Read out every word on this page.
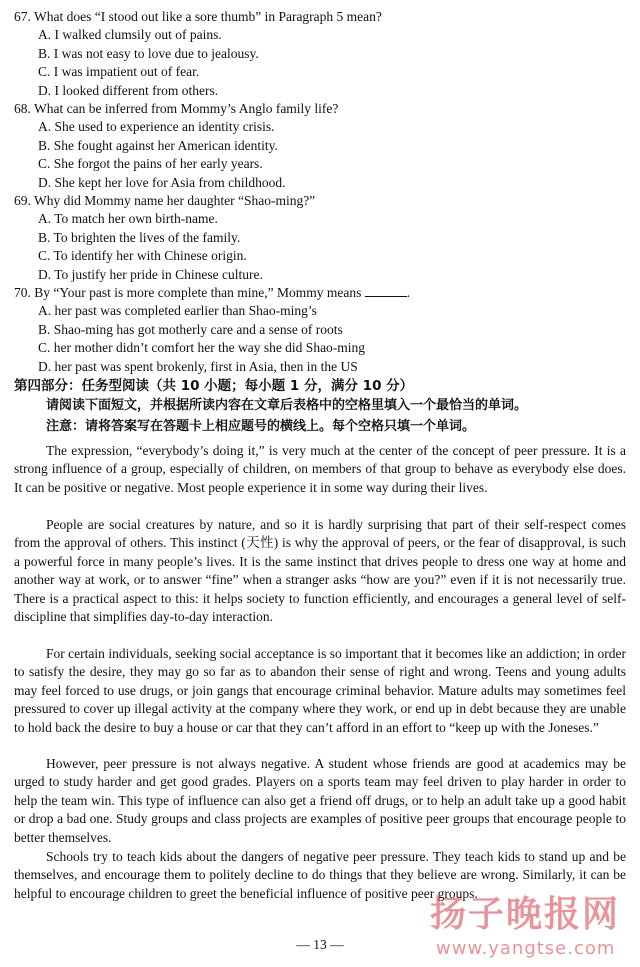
67. What does “I stood out like a sore thumb” in Paragraph 5 mean?
A. I walked clumsily out of pains.
B. I was not easy to love due to jealousy.
C. I was impatient out of fear.
D. I looked different from others.
68. What can be inferred from Mommy’s Anglo family life?
A. She used to experience an identity crisis.
B. She fought against her American identity.
C. She forgot the pains of her early years.
D. She kept her love for Asia from childhood.
69. Why did Mommy name her daughter “Shao-ming?”
A. To match her own birth-name.
B. To brighten the lives of the family.
C. To identify her with Chinese origin.
D. To justify her pride in Chinese culture.
70. By “Your past is more complete than mine,” Mommy means	.
A. her past was completed earlier than Shao-ming’s
B. Shao-ming has got motherly care and a sense of roots
C. her mother didn’t comfort her the way she did Shao-ming
D. her past was spent brokenly, first in Asia, then in the US
第四部分：任务型阅读（共 10 小题；每小题 1 分，满分 10 分）
请阅读下面短文，并根据所读内容在文章后表格中的空格里填入一个最恰当的单词。
注意：请将答案写在答题卡上相应题号的横线上。每个空格只填一个单词。

The expression, “everybody’s doing it,” is very much at the center of the concept of peer pressure. It is a strong influence of a group, especially of children, on members of that group to behave as everybody else does. It can be positive or negative. Most people experience it in some way during their lives.

People are social creatures by nature, and so it is hardly surprising that part of their self-respect comes from the approval of others. This instinct (天性) is why the approval of peers, or the fear of disapproval, is such a powerful force in many people’s lives. It is the same instinct that drives people to dress one way at home and another way at work, or to answer “fine” when a stranger asks “how are you?” even if it is not necessarily true. There is a practical aspect to this: it helps society to function efficiently, and encourages a general level of self-discipline that simplifies day-to-day interaction.

For certain individuals, seeking social acceptance is so important that it becomes like an addiction; in order to satisfy the desire, they may go so far as to abandon their sense of right and wrong. Teens and young adults may feel forced to use drugs, or join gangs that encourage criminal behavior. Mature adults may sometimes feel pressured to cover up illegal activity at the company where they work, or end up in debt because they are unable to hold back the desire to buy a house or car that they can’t afford in an effort to “keep up with the Joneses.”

However, peer pressure is not always negative. A student whose friends are good at academics may be urged to study harder and get good grades. Players on a sports team may feel driven to play harder in order to help the team win. This type of influence can also get a friend off drugs, or to help an adult take up a good habit or drop a bad one. Study groups and class projects are examples of positive peer groups that encourage people to better themselves.

Schools try to teach kids about the dangers of negative peer pressure. They teach kids to stand up and be themselves, and encourage them to politely decline to do things that they believe are wrong. Similarly, it can be helpful to encourage children to greet the beneficial influence of positive peer groups.

— 13 —
扬子晚报网
www.yangtse.com
